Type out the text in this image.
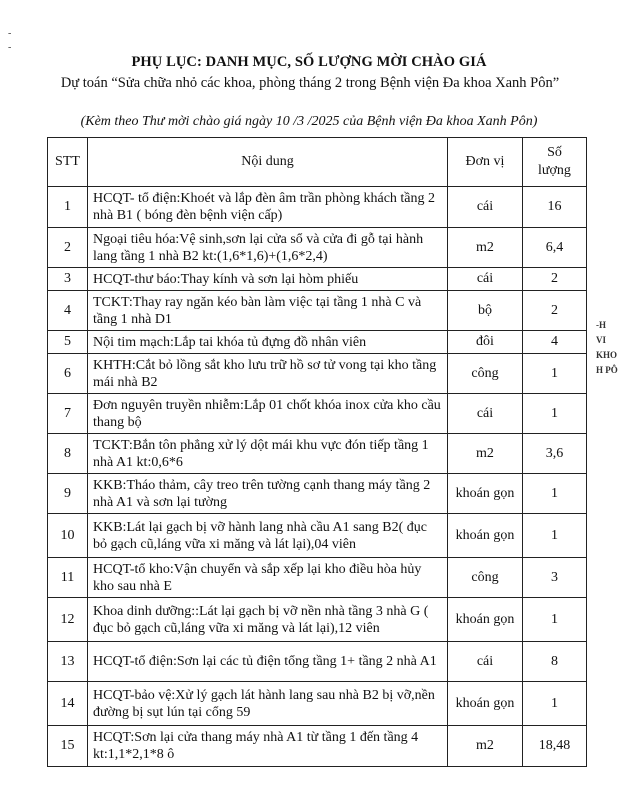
-
-
PHỤ LỤC: DANH MỤC, SỐ LƯỢNG MỜI CHÀO GIÁ
Dự toán “Sửa chữa nhỏ các khoa, phòng tháng 2 trong Bệnh viện Đa khoa Xanh Pôn”
(Kèm theo Thư mời chào giá ngày 10 /3 /2025 của Bệnh viện Đa khoa Xanh Pôn)
STT	Nội dung	Đơn vị	Số lượng

1	HCQT- tổ điện:Khoét và lắp đèn âm trần phòng khách tầng 2 nhà B1 ( bóng đèn bệnh viện cấp)	cái	16
2	Ngoại tiêu hóa:Vệ sinh,sơn lại cửa sổ và cửa đi gỗ tại hành lang tầng 1 nhà B2 kt:(1,6*1,6)+(1,6*2,4)	m2	6,4
3	HCQT-thư báo:Thay kính và sơn lại hòm phiếu	cái	2
4	TCKT:Thay ray ngăn kéo bàn làm việc tại tầng 1 nhà C và tầng 1 nhà D1	bộ	2
5	Nội tim mạch:Lắp tai khóa tủ đựng đồ nhân viên	đôi	4
6	KHTH:Cắt bỏ lồng sắt kho lưu trữ hồ sơ tử vong tại kho tầng mái nhà B2	công	1
7	Đơn nguyên truyền nhiễm:Lắp 01 chốt khóa inox cửa kho cầu thang bộ	cái	1
8	TCKT:Bắn tôn phẳng xử lý dột mái khu vực đón tiếp tầng 1 nhà A1 kt:0,6*6	m2	3,6
9	KKB:Tháo thảm, cây treo trên tường cạnh thang máy tầng 2 nhà A1 và sơn lại tường	khoán gọn	1
10	KKB:Lát lại gạch bị vỡ hành lang nhà cầu A1 sang B2( đục bỏ gạch cũ,láng vữa xi măng và lát lại),04 viên	khoán gọn	1
11	HCQT-tổ kho:Vận chuyển và sắp xếp lại kho điều hòa hủy kho sau nhà E	công	3
12	Khoa dinh dưỡng::Lát lại gạch bị vỡ nền nhà tầng 3 nhà G ( đục bỏ gạch cũ,láng vữa xi măng và lát lại),12 viên	khoán gọn	1
13	HCQT-tổ điện:Sơn lại các tủ điện tổng tầng 1+ tầng 2 nhà A1	cái	8
14	HCQT-bảo vệ:Xử lý gạch lát hành lang sau nhà B2 bị vỡ,nền đường bị sụt lún tại cổng 59	khoán gọn	1
15	HCQT:Sơn lại cửa thang máy nhà A1 từ tầng 1 đến tầng 4 kt:1,1*2,1*8 ô	m2	18,48
-H
VI
KHO
H PÔ
